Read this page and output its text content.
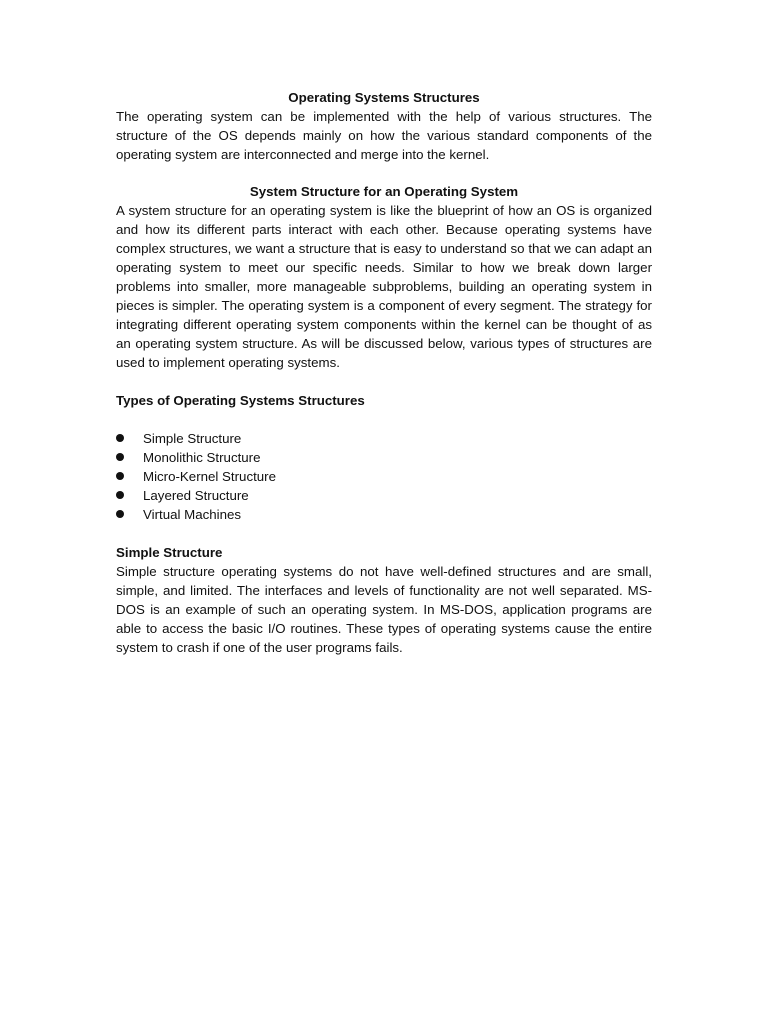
Operating Systems Structures

The operating system can be implemented with the help of various structures. The structure of the OS depends mainly on how the various standard components of the operating system are interconnected and merge into the kernel.

System Structure for an Operating System

A system structure for an operating system is like the blueprint of how an OS is organized and how its different parts interact with each other. Because operating systems have complex structures, we want a structure that is easy to understand so that we can adapt an operating system to meet our specific needs. Similar to how we break down larger problems into smaller, more manageable subproblems, building an operating system in pieces is simpler. The operating system is a component of every segment. The strategy for integrating different operating system components within the kernel can be thought of as an operating system structure. As will be discussed below, various types of structures are used to implement operating systems.

Types of Operating Systems Structures

Simple Structure
Monolithic Structure
Micro-Kernel Structure
Layered Structure
Virtual Machines

Simple Structure

Simple structure operating systems do not have well-defined structures and are small, simple, and limited. The interfaces and levels of functionality are not well separated. MS-DOS is an example of such an operating system. In MS-DOS, application programs are able to access the basic I/O routines. These types of operating systems cause the entire system to crash if one of the user programs fails.
